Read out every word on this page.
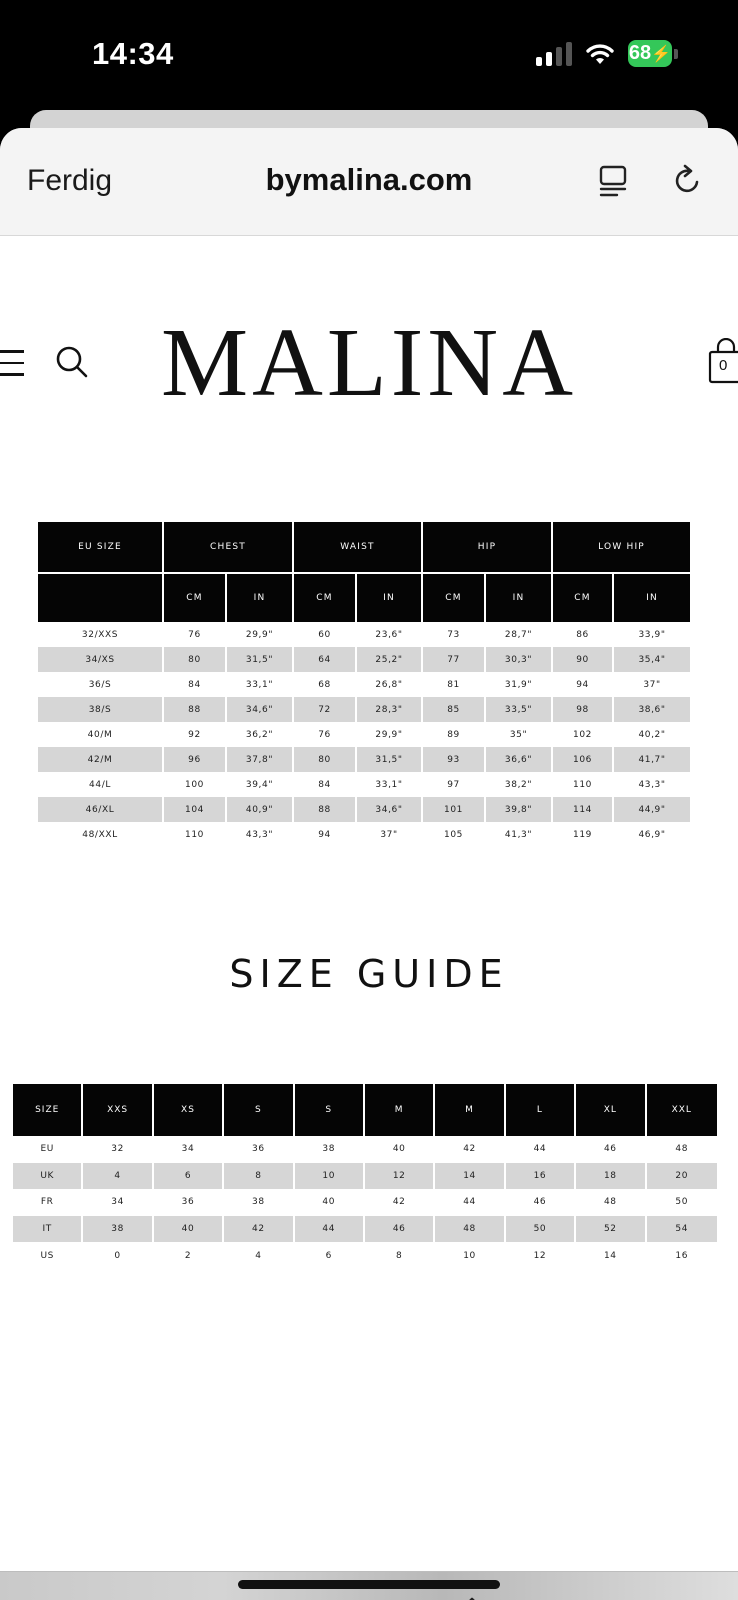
14:34	68 ⚡
Ferdig	bymalina.com
MALINA	0
EU SIZE	CHEST		WAIST		HIP		LOW HIP	
	CM	IN	CM	IN	CM	IN	CM	IN
32/XXS	76	29,9"	60	23,6"	73	28,7"	86	33,9"
34/XS	80	31,5"	64	25,2"	77	30,3"	90	35,4"
36/S	84	33,1"	68	26,8"	81	31,9"	94	37"
38/S	88	34,6"	72	28,3"	85	33,5"	98	38,6"
40/M	92	36,2"	76	29,9"	89	35"	102	40,2"
42/M	96	37,8"	80	31,5"	93	36,6"	106	41,7"
44/L	100	39,4"	84	33,1"	97	38,2"	110	43,3"
46/XL	104	40,9"	88	34,6"	101	39,8"	114	44,9"
48/XXL	110	43,3"	94	37"	105	41,3"	119	46,9"
SIZE GUIDE
SIZE	XXS	XS	S	S	M	M	L	XL	XXL
EU	32	34	36	38	40	42	44	46	48
UK	4	6	8	10	12	14	16	18	20
FR	34	36	38	40	42	44	46	48	50
IT	38	40	42	44	46	48	50	52	54
US	0	2	4	6	8	10	12	14	16
